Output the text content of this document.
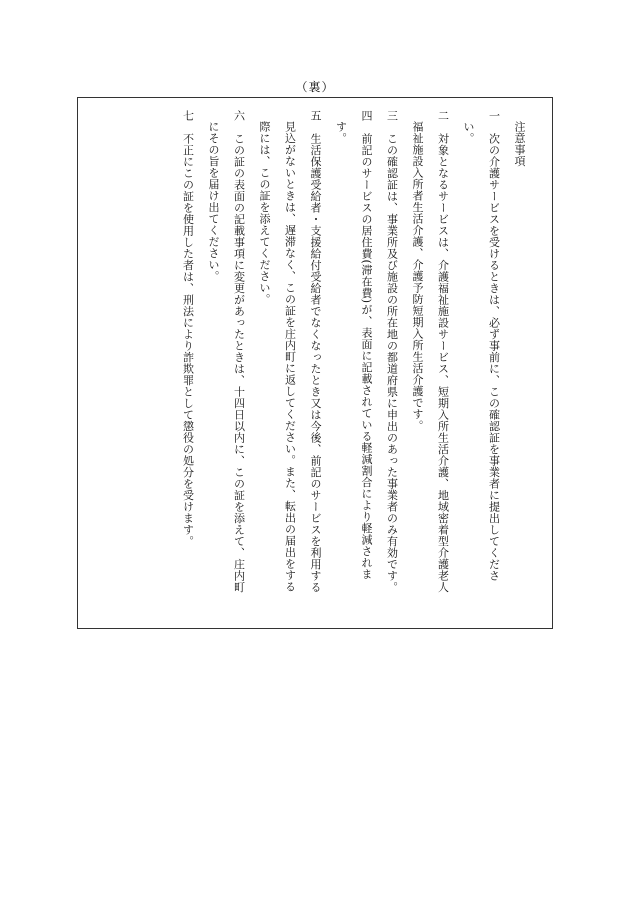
（裏）
注意事項
一　次の介護サービスを受けるときは、必ず事前に、この確認証を事業者に提出してくださ
い。
二　対象となるサービスは、介護福祉施設サービス、短期入所生活介護、地域密着型介護老人
福祉施設入所者生活介護、介護予防短期入所生活介護です。
三　この確認証は、事業所及び施設の所在地の都道府県に申出のあった事業者のみ有効です。
四　前記のサービスの居住費(滞在費)が、表面に記載されている軽減割合により軽減されま
す。
五　生活保護受給者・支援給付受給者でなくなったとき又は今後、前記のサービスを利用する
見込がないときは、遅滞なく、この証を庄内町に返してください。また、転出の届出をする
際には、この証を添えてください。
六　この証の表面の記載事項に変更があったときは、十四日以内に、この証を添えて、庄内町
にその旨を届け出てください。
七　不正にこの証を使用した者は、刑法により詐欺罪として懲役の処分を受けます。
